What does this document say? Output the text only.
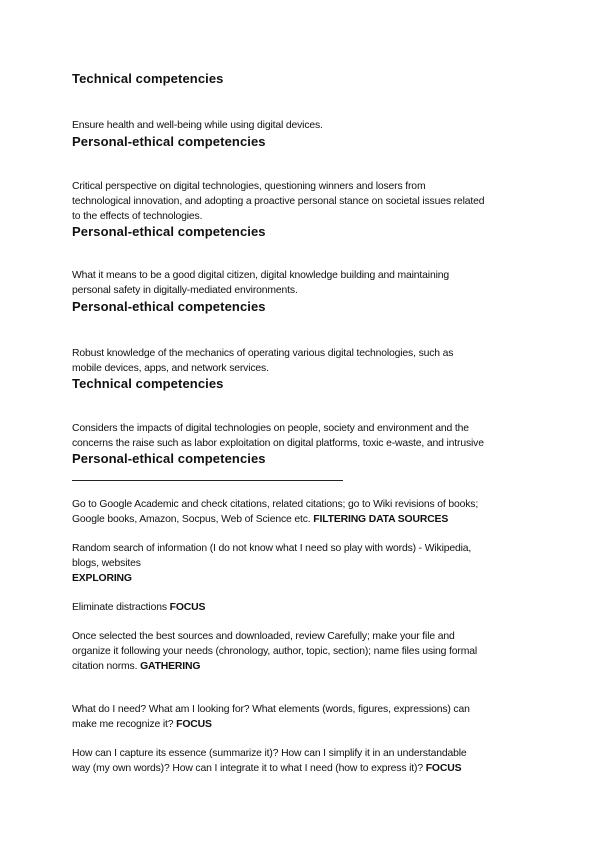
Technical competencies
Ensure health and well-being while using digital devices.
Personal-ethical competencies
Critical perspective on digital technologies, questioning winners and losers from
technological innovation, and adopting a proactive personal stance on societal issues related
to the effects of technologies.
Personal-ethical competencies
What it means to be a good digital citizen, digital knowledge building and maintaining
personal safety in digitally-mediated environments.
Personal-ethical competencies
Robust knowledge of the mechanics of operating various digital technologies, such as
mobile devices, apps, and network services.
Technical competencies
Considers the impacts of digital technologies on people, society and environment and the
concerns the raise such as labor exploitation on digital platforms, toxic e-waste, and intrusive
Personal-ethical competencies
Go to Google Academic and check citations, related citations; go to Wiki revisions of books;
Google books, Amazon, Socpus, Web of Science etc. FILTERING DATA SOURCES
Random search of information (I do not know what I need so play with words) - Wikipedia,
blogs, websites
EXPLORING
Eliminate distractions FOCUS
Once selected the best sources and downloaded, review Carefully; make your file and
organize it following your needs (chronology, author, topic, section); name files using formal
citation norms. GATHERING
What do I need? What am I looking for? What elements (words, figures, expressions) can
make me recognize it? FOCUS
How can I capture its essence (summarize it)? How can I simplify it in an understandable
way (my own words)? How can I integrate it to what I need (how to express it)? FOCUS
